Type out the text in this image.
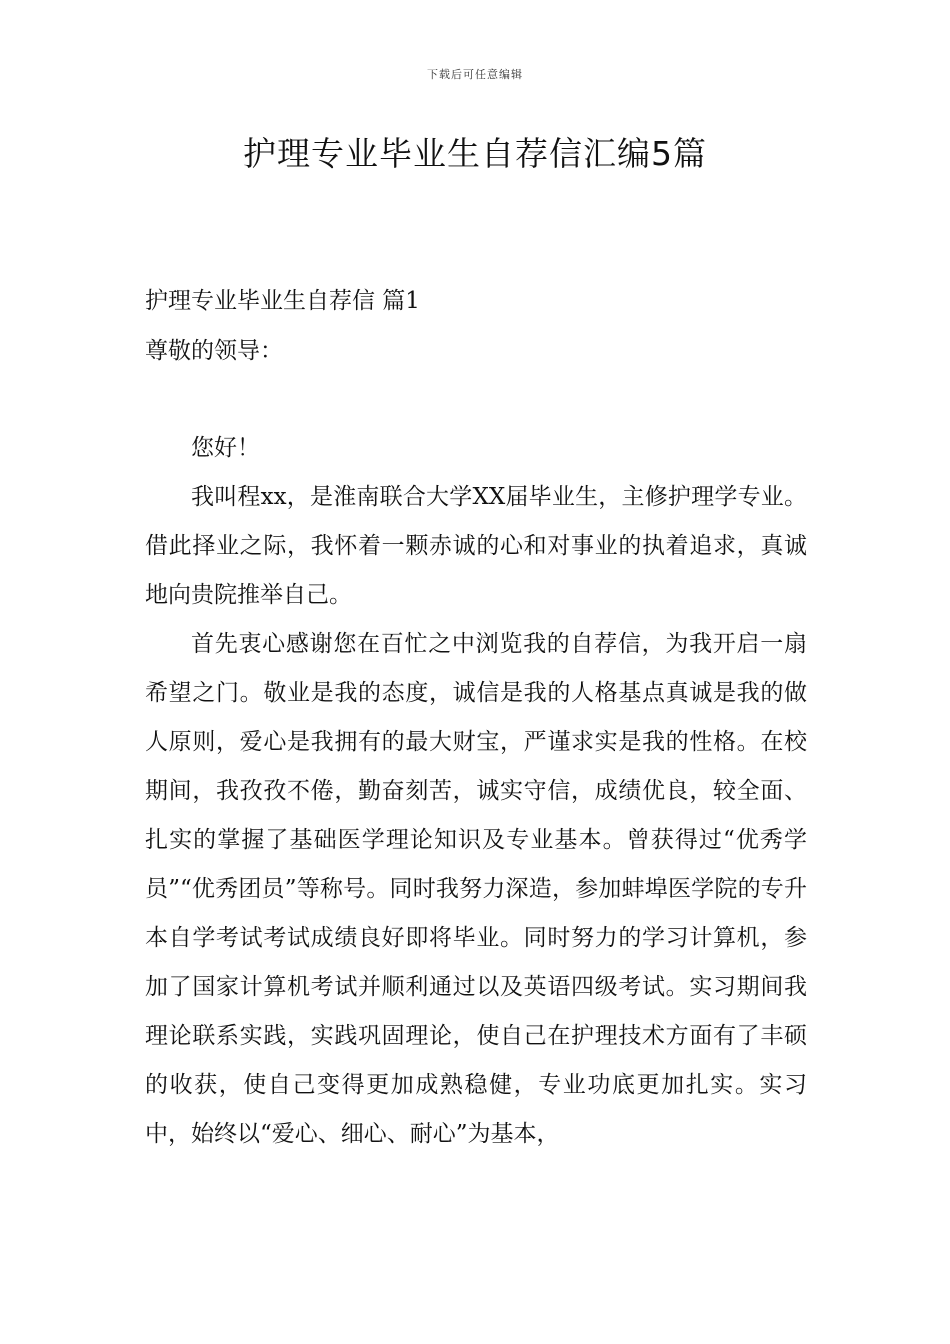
下载后可任意编辑
护理专业毕业生自荐信汇编5篇
护理专业毕业生自荐信 篇1
尊敬的领导：

您好！

我叫程xx，是淮南联合大学XX届毕业生，主修护理学专业。借此择业之际，我怀着一颗赤诚的心和对事业的执着追求，真诚地向贵院推举自己。

首先衷心感谢您在百忙之中浏览我的自荐信，为我开启一扇希望之门。敬业是我的态度，诚信是我的人格基点真诚是我的做人原则，爱心是我拥有的最大财宝，严谨求实是我的性格。在校期间，我孜孜不倦，勤奋刻苦，诚实守信，成绩优良，较全面、扎实的掌握了基础医学理论知识及专业基本。曾获得过“优秀学员”“优秀团员”等称号。同时我努力深造，参加蚌埠医学院的专升本自学考试考试成绩良好即将毕业。同时努力的学习计算机，参加了国家计算机考试并顺利通过以及英语四级考试。实习期间我理论联系实践，实践巩固理论，使自己在护理技术方面有了丰硕的收获，使自己变得更加成熟稳健，专业功底更加扎实。实习中，始终以“爱心、细心、耐心”为基本，
